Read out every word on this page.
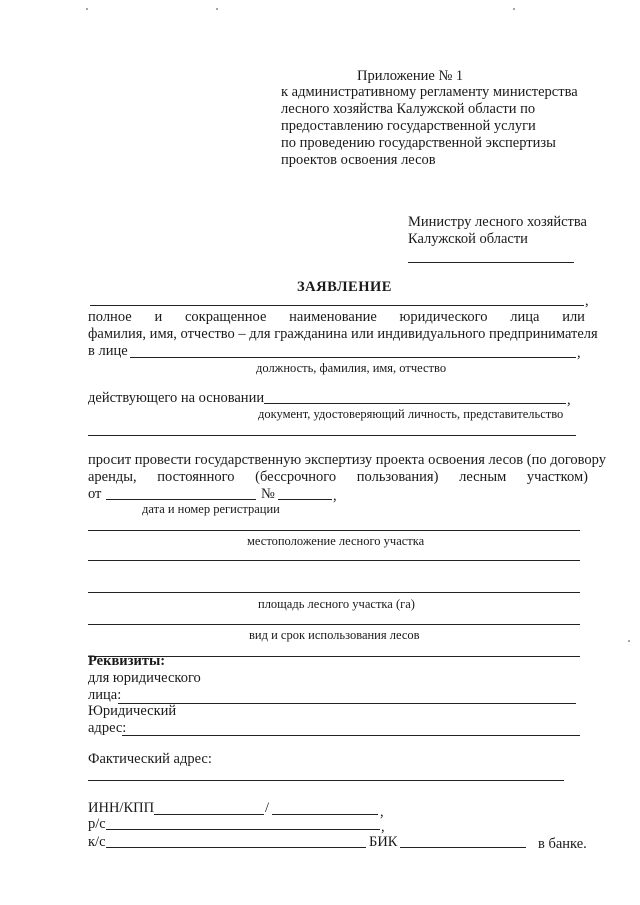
Приложение № 1
к административному регламенту министерства
лесного хозяйства Калужской области по
предоставлению государственной услуги
по проведению государственной экспертизы
проектов освоения лесов
Министру лесного хозяйства
Калужской области
ЗАЯВЛЕНИЕ
,
полное и сокращенное наименование юридического лица или
фамилия, имя, отчество – для гражданина или индивидуального предпринимателя
в лице	,
должность, фамилия, имя, отчество
действующего на основании	,
документ, удостоверяющий личность, представительство
просит провести государственную экспертизу проекта освоения лесов (по договору
аренды, постоянного (бессрочного пользования) лесным участком)
от	№	,
дата и номер регистрации
местоположение лесного участка
площадь лесного участка (га)
вид и срок использования лесов
Реквизиты:
для юридического
лица:
Юридический
адрес:
Фактический адрес:
ИНН/КПП	/	,
р/с	,
к/с	БИК	в банке.
